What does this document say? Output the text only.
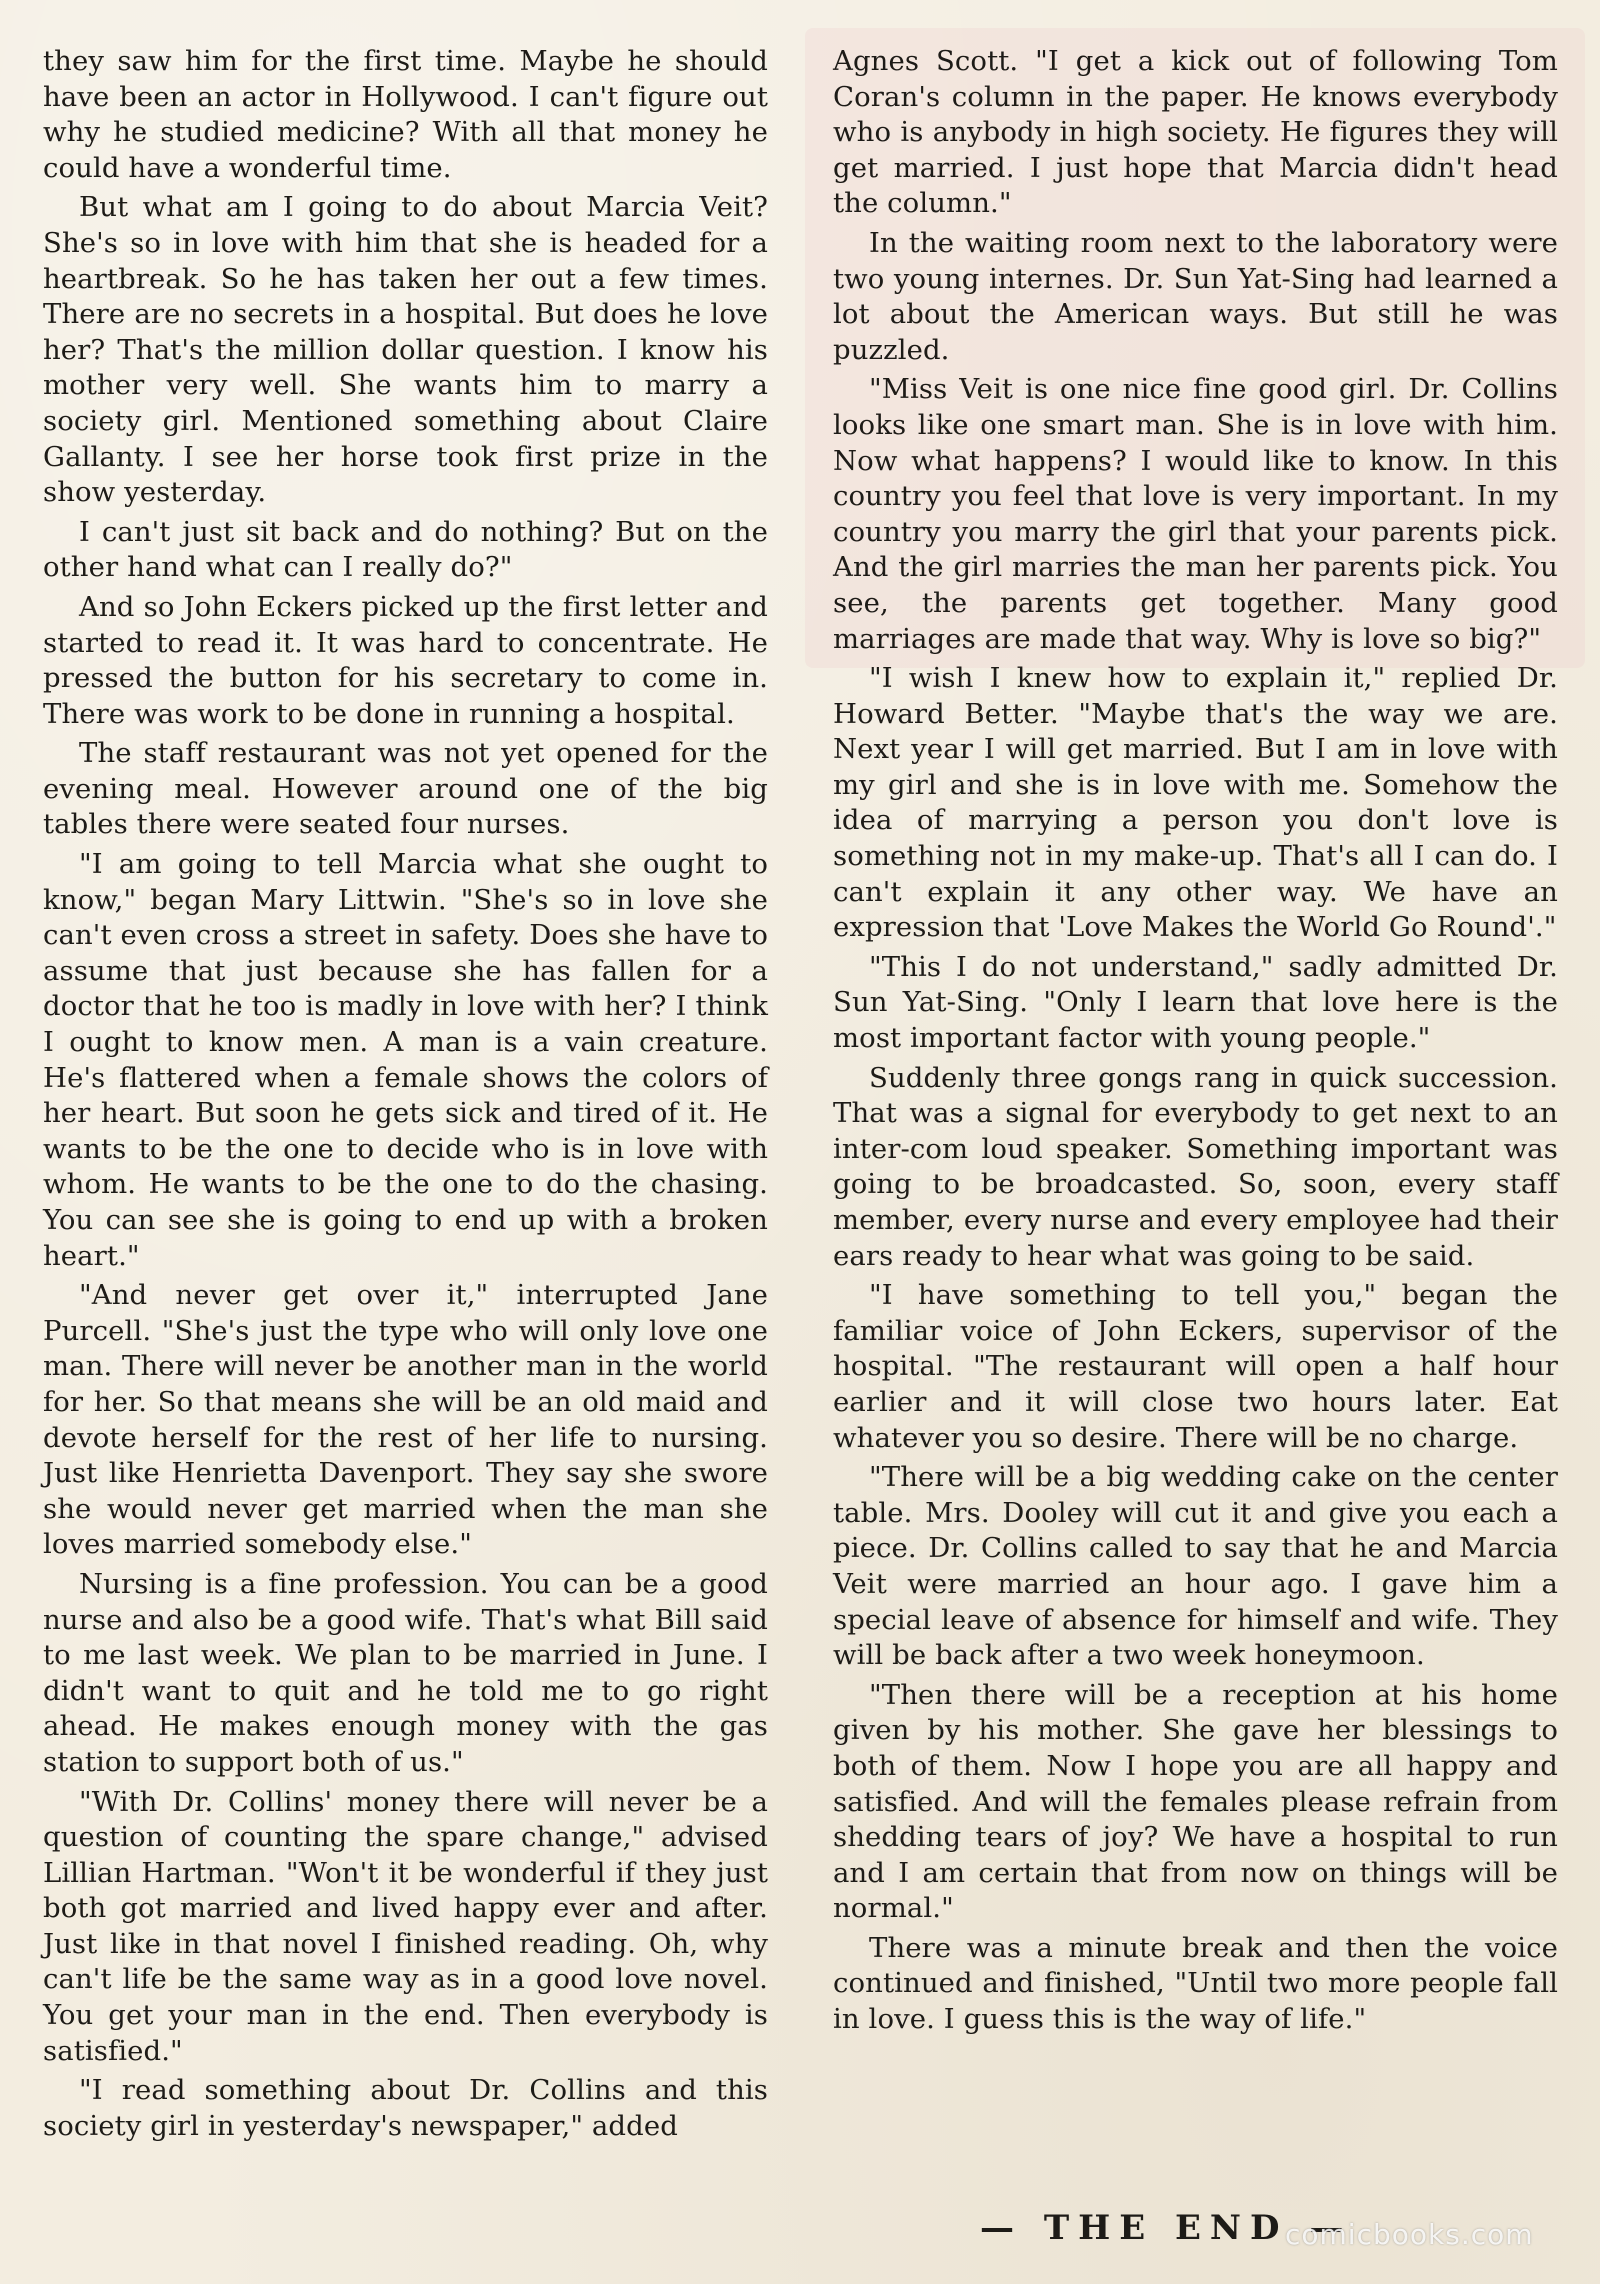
they saw him for the first time. Maybe he should have been an actor in Hollywood. I can't figure out why he studied medicine? With all that money he could have a wonderful time.

But what am I going to do about Marcia Veit? She's so in love with him that she is headed for a heartbreak. So he has taken her out a few times. There are no secrets in a hospital. But does he love her? That's the million dollar question. I know his mother very well. She wants him to marry a society girl. Mentioned something about Claire Gallanty. I see her horse took first prize in the show yesterday.

I can't just sit back and do nothing? But on the other hand what can I really do?"

And so John Eckers picked up the first letter and started to read it. It was hard to concentrate. He pressed the button for his secretary to come in. There was work to be done in running a hospital.

The staff restaurant was not yet opened for the evening meal. However around one of the big tables there were seated four nurses.

"I am going to tell Marcia what she ought to know," began Mary Littwin. "She's so in love she can't even cross a street in safety. Does she have to assume that just because she has fallen for a doctor that he too is madly in love with her? I think I ought to know men. A man is a vain creature. He's flattered when a female shows the colors of her heart. But soon he gets sick and tired of it. He wants to be the one to decide who is in love with whom. He wants to be the one to do the chasing. You can see she is going to end up with a broken heart."

"And never get over it," interrupted Jane Purcell. "She's just the type who will only love one man. There will never be another man in the world for her. So that means she will be an old maid and devote herself for the rest of her life to nursing. Just like Henrietta Davenport. They say she swore she would never get married when the man she loves married somebody else."

Nursing is a fine profession. You can be a good nurse and also be a good wife. That's what Bill said to me last week. We plan to be married in June. I didn't want to quit and he told me to go right ahead. He makes enough money with the gas station to support both of us."

"With Dr. Collins' money there will never be a question of counting the spare change," advised Lillian Hartman. "Won't it be wonderful if they just both got married and lived happy ever and after. Just like in that novel I finished reading. Oh, why can't life be the same way as in a good love novel. You get your man in the end. Then everybody is satisfied."

"I read something about Dr. Collins and this society girl in yesterday's newspaper," added

Agnes Scott. "I get a kick out of following Tom Coran's column in the paper. He knows everybody who is anybody in high society. He figures they will get married. I just hope that Marcia didn't head the column."

In the waiting room next to the laboratory were two young internes. Dr. Sun Yat-Sing had learned a lot about the American ways. But still he was puzzled.

"Miss Veit is one nice fine good girl. Dr. Collins looks like one smart man. She is in love with him. Now what happens? I would like to know. In this country you feel that love is very important. In my country you marry the girl that your parents pick. And the girl marries the man her parents pick. You see, the parents get together. Many good marriages are made that way. Why is love so big?"

"I wish I knew how to explain it," replied Dr. Howard Better. "Maybe that's the way we are. Next year I will get married. But I am in love with my girl and she is in love with me. Somehow the idea of marrying a person you don't love is something not in my make-up. That's all I can do. I can't explain it any other way. We have an expression that 'Love Makes the World Go Round'."

"This I do not understand," sadly admitted Dr. Sun Yat-Sing. "Only I learn that love here is the most important factor with young people."

Suddenly three gongs rang in quick succession. That was a signal for everybody to get next to an inter-com loud speaker. Something important was going to be broadcasted. So, soon, every staff member, every nurse and every employee had their ears ready to hear what was going to be said.

"I have something to tell you," began the familiar voice of John Eckers, supervisor of the hospital. "The restaurant will open a half hour earlier and it will close two hours later. Eat whatever you so desire. There will be no charge.

"There will be a big wedding cake on the center table. Mrs. Dooley will cut it and give you each a piece. Dr. Collins called to say that he and Marcia Veit were married an hour ago. I gave him a special leave of absence for himself and wife. They will be back after a two week honeymoon.

"Then there will be a reception at his home given by his mother. She gave her blessings to both of them. Now I hope you are all happy and satisfied. And will the females please refrain from shedding tears of joy? We have a hospital to run and I am certain that from now on things will be normal."

There was a minute break and then the voice continued and finished, "Until two more people fall in love. I guess this is the way of life."

— THE END —
comicbooks.com
